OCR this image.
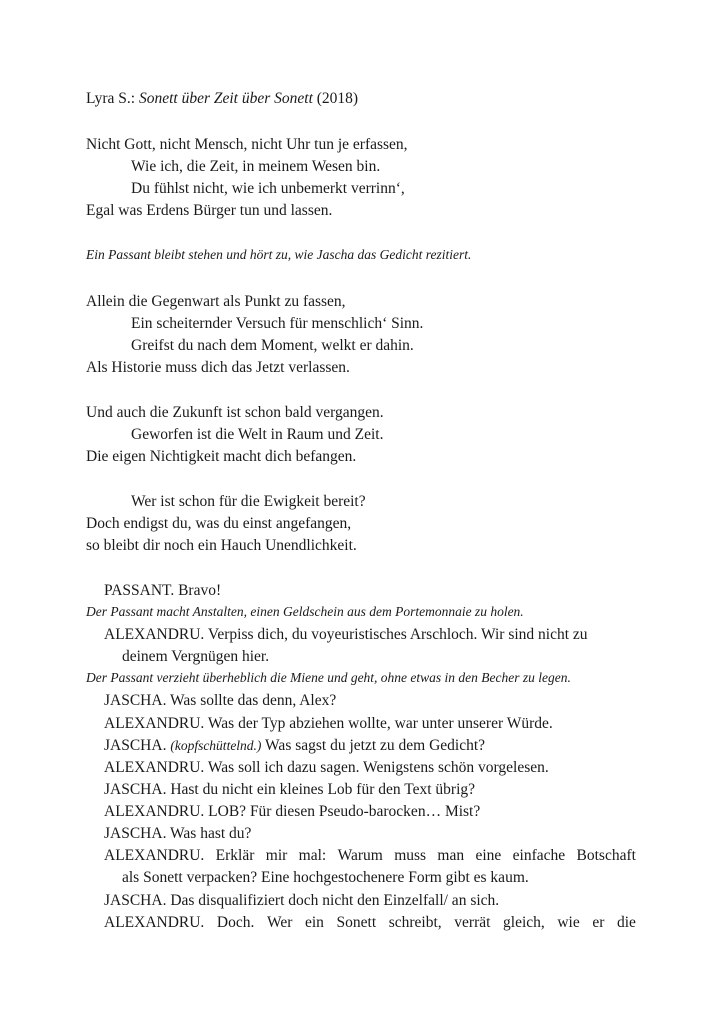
Lyra S.: Sonett über Zeit über Sonett (2018)
Nicht Gott, nicht Mensch, nicht Uhr tun je erfassen,
Wie ich, die Zeit, in meinem Wesen bin.
Du fühlst nicht, wie ich unbemerkt verrinn‘,
Egal was Erdens Bürger tun und lassen.
Ein Passant bleibt stehen und hört zu, wie Jascha das Gedicht rezitiert.
Allein die Gegenwart als Punkt zu fassen,
Ein scheiternder Versuch für menschlich‘ Sinn.
Greifst du nach dem Moment, welkt er dahin.
Als Historie muss dich das Jetzt verlassen.
Und auch die Zukunft ist schon bald vergangen.
Geworfen ist die Welt in Raum und Zeit.
Die eigen Nichtigkeit macht dich befangen.
Wer ist schon für die Ewigkeit bereit?
Doch endigst du, was du einst angefangen,
so bleibt dir noch ein Hauch Unendlichkeit.
PASSANT. Bravo!
Der Passant macht Anstalten, einen Geldschein aus dem Portemonnaie zu holen.
ALEXANDRU. Verpiss dich, du voyeuristisches Arschloch. Wir sind nicht zu
deinem Vergnügen hier.
Der Passant verzieht überheblich die Miene und geht, ohne etwas in den Becher zu legen.
JASCHA. Was sollte das denn, Alex?
ALEXANDRU. Was der Typ abziehen wollte, war unter unserer Würde.
JASCHA. (kopfschüttelnd.) Was sagst du jetzt zu dem Gedicht?
ALEXANDRU. Was soll ich dazu sagen. Wenigstens schön vorgelesen.
JASCHA. Hast du nicht ein kleines Lob für den Text übrig?
ALEXANDRU. LOB? Für diesen Pseudo-barocken… Mist?
JASCHA. Was hast du?
ALEXANDRU. Erklär mir mal: Warum muss man eine einfache Botschaft
als Sonett verpacken? Eine hochgestochenere Form gibt es kaum.
JASCHA. Das disqualifiziert doch nicht den Einzelfall/ an sich.
ALEXANDRU. Doch. Wer ein Sonett schreibt, verrät gleich, wie er die
